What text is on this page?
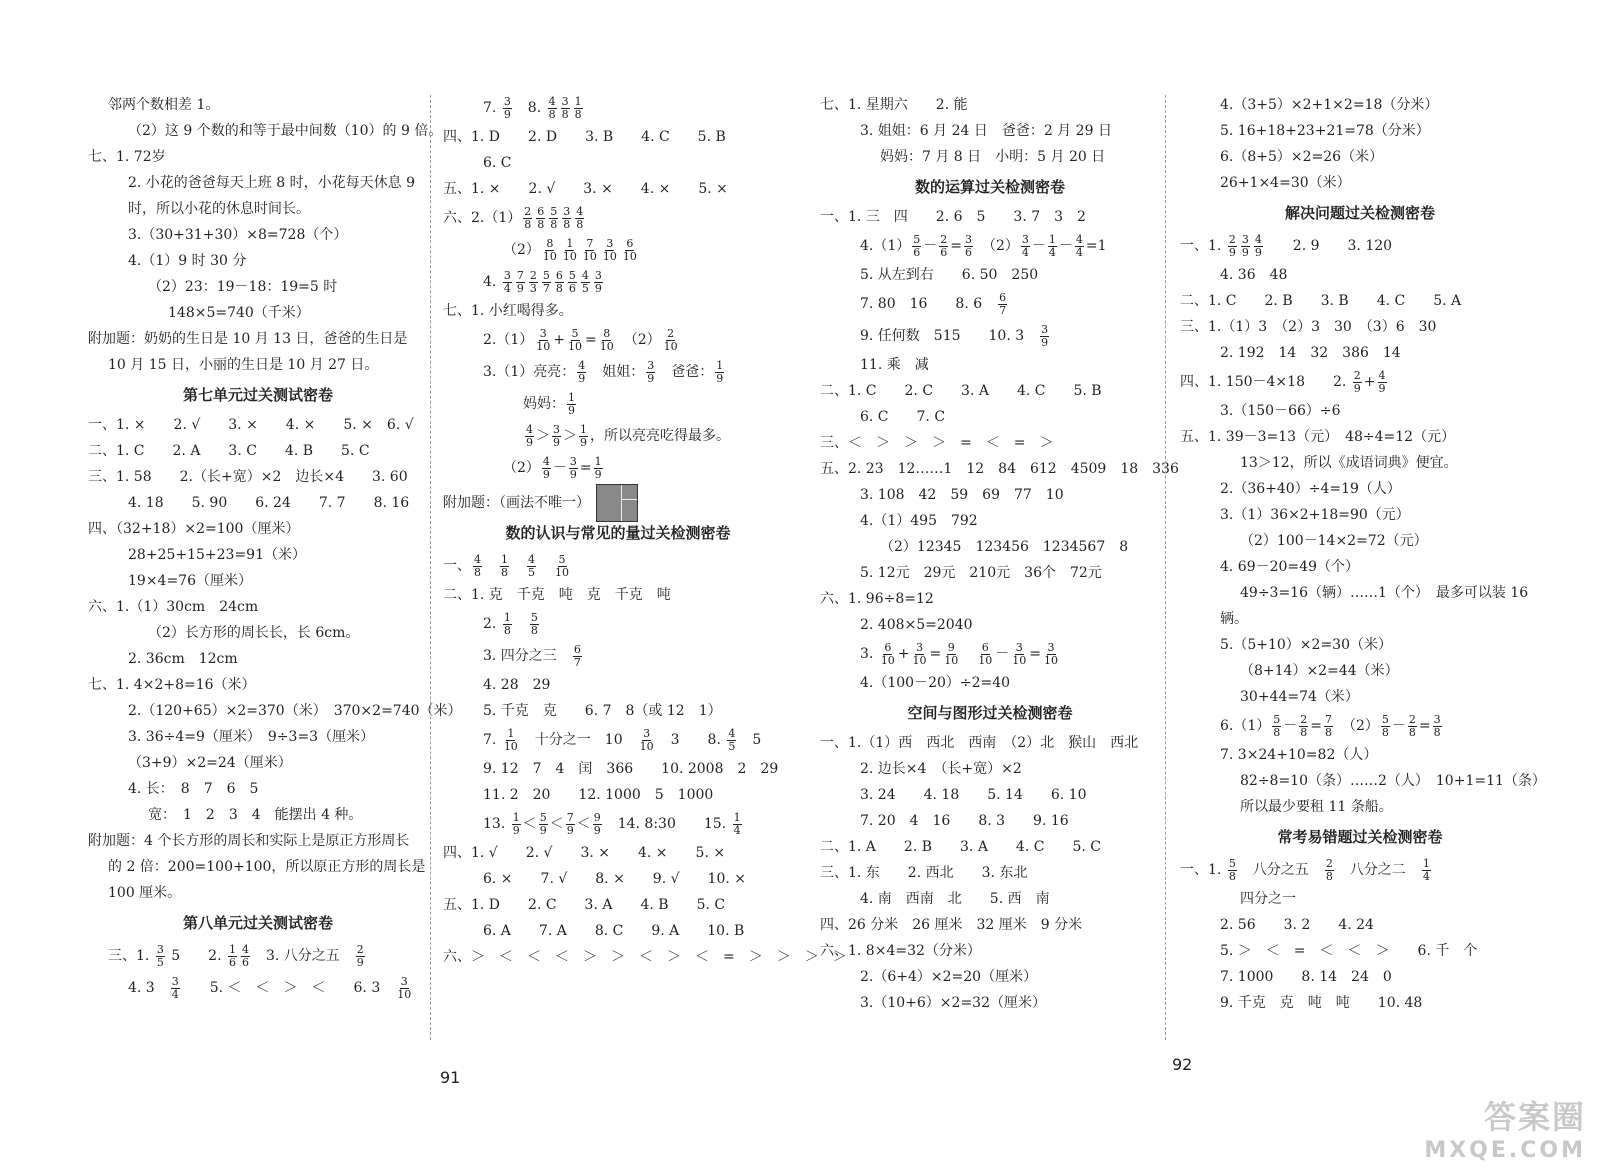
邻两个数相差 1。
（2）这 9 个数的和等于最中间数（10）的 9 倍。
七、1. 72岁
2. 小花的爸爸每天上班 8 时，小花每天休息 9
时，所以小花的休息时间长。
3.（30+31+30）×8=728（个）
4.（1）9 时 30 分
（2）23：19－18：19=5 时
148×5=740（千米）
附加题：奶奶的生日是 10 月 13 日，爸爸的生日是
10 月 15 日，小丽的生日是 10 月 27 日。
第七单元过关测试密卷
一、1. ×　　2. √　　3. ×　　4. ×　　5. ×　6. √
二、1. C　　2. A　　3. C　　4. B　　5. C
三、1. 58　　2.（长+宽）×2　边长×4　　3. 60
4. 18　　5. 90　　6. 24　　7. 7　　8. 16
四、（32+18）×2=100（厘米）
28+25+15+23=91（米）
19×4=76（厘米）
六、1.（1）30cm　24cm
（2）长方形的周长长，长 6cm。
2. 36cm　12cm
七、1. 4×2+8=16（米）
2.（120+65）×2=370（米）　370×2=740（米）
3. 36÷4=9（厘米）　9÷3=3（厘米）
（3+9）×2=24（厘米）
4. 长：　8　7　6　5
宽：　1　2　3　4　能摆出 4 种。
附加题：4 个长方形的周长和实际上是原正方形周长
的 2 倍：200=100+100，所以原正方形的周长是
100 厘米。
第八单元过关测试密卷
三、1. $\frac{3}{5} 5$　　2. $\frac{1}{6} \frac{4}{6}$ 　3. 八分之五　 $\frac{2}{9}$
4. 3　 $\frac{3}{4}$ 　　5. ＜　＜　＞　＜　　6. 3　 $\frac{3}{10}$
7. $\frac{3}{9}$ 　8. $\frac{4}{8} \frac{3}{8} \frac{1}{8}$
四、1. D　　2. D　　3. B　　4. C　　5. B
6. C
五、1. ×　　2. √　　3. ×　　4. ×　　5. ×
六、$2.(1) \frac{2}{8} \frac{6}{8} \frac{5}{8} \frac{3}{8} \frac{4}{8}$
$(2) \frac{8}{10} \frac{1}{10} \frac{7}{10} \frac{3}{10} \frac{6}{10}$
4. $\frac{3}{4} \frac{7}{9} \frac{2}{3} \frac{5}{7} \frac{6}{8} \frac{5}{6} \frac{4}{5} \frac{3}{9}$
七、1. 小红喝得多。
$2.(1) \frac{3}{10} + \frac{5}{10} = \frac{8}{10}$ 　$(2) \frac{2}{10}$
3.（1）亮亮： $\frac{4}{9}$ 　姐姐： $\frac{3}{9}$ 　爸爸： $\frac{1}{9}$
妈妈： $\frac{1}{9}$
$\frac{4}{9} > \frac{3}{9} > \frac{1}{9}$ ，所以亮亮吃得最多。
$(2) \frac{4}{9} - \frac{3}{9} = \frac{1}{9}$
附加题：（画法不唯一）
数的认识与常见的量过关检测密卷
一、 $\frac{4}{8}$
　 $\frac{1}{8}$
　 $\frac{4}{5}$
　 $\frac{5}{10}$
二、1. 克　千克　吨　克　千克　吨
2. $\frac{1}{8}$
　 $\frac{5}{8}$
3. 四分之三　 $\frac{6}{7}$
4. 28　29
5. 千克　克　　6. 7　8（或 12　1）
7. $\frac{1}{10}$ 　十分之一　10　 $\frac{3}{10}$ 　3　　8. $\frac{4}{5}$ 　5
9. 12　7　4　闰　366　　10. 2008　2　29
11. 2　20　　12. 1000　5　1000
13. $\frac{1}{9} < \frac{5}{9} < \frac{7}{9} < \frac{9}{9}$ 　14. 8:30　　15. $\frac{1}{4}$
四、1. √　　2. √　　3. ×　　4. ×　　5. ×
6. ×　　7. √　　8. ×　　9. √　　10. ×
五、1. D　　2. C　　3. A　　4. B　　5. C
6. A　　7. A　　8. C　　9. A　　10. B
六、＞　＜　＜　＜　＞　＞　＜　＞　＜　=　＞　＞　＞　＞
七、1. 星期六　　2. 能
3. 姐姐：6 月 24 日　爸爸：2 月 29 日
妈妈：7 月 8 日　小明：5 月 20 日
数的运算过关检测密卷
一、1. 三　四　　2. 6　5　　3. 7　3　2
$4.(1) \frac{5}{6} - \frac{2}{6} = \frac{3}{6}$ 　$(2) \frac{3}{4} - \frac{1}{4} - \frac{4}{4} =1$
5. 从左到右　　6. 50　250
7. 80　16　　8. 6　 $\frac{6}{7}$
9. 任何数　515　　10. 3　 $\frac{3}{9}$
11. 乘　减
二、1. C　　2. C　　3. A　　4. C　　5. B
6. C　　7. C
三、＜　＞　＞　＞　=　＜　=　＞
五、2. 23　12……1　12　84　612　4509　18　336
3. 108　42　59　69　77　10
4.（1）495　792
（2）12345　123456　1234567　8
5. 12元　29元　210元　36个　72元
六、1. 96÷8=12
2. 408×5=2040
3. $\frac{6}{10} + \frac{3}{10} = \frac{9}{10}$
　 $\frac{6}{10} - \frac{3}{10} = \frac{3}{10}$
4.（100－20）÷2=40
空间与图形过关检测密卷
一、1.（1）西　西北　西南　（2）北　猴山　西北
2. 边长×4　（长+宽）×2
3. 24　　4. 18　　5. 14　　6. 10
7. 20　4　16　　8. 3　　9. 16
二、1. A　　2. B　　3. A　　4. C　　5. C
三、1. 东　　2. 西北　　3. 东北
4. 南　西南　北　　5. 西　南
四、26 分米　26 厘米　32 厘米　9 分米
六、1. 8×4=32（分米）
2.（6+4）×2=20（厘米）
3.（10+6）×2=32（厘米）
4.（3+5）×2+1×2=18（分米）
5. 16+18+23+21=78（分米）
6.（8+5）×2=26（米）
26+1×4=30（米）
解决问题过关检测密卷
一、1. $\frac{2}{9} \frac{3}{9} \frac{4}{9}$ 　　2. 9　　3. 120
4. 36　48
二、1. C　　2. B　　3. B　　4. C　　5. A
三、1.（1）3　（2）3　30　（3）6　30
2. 192　14　32　386　14
四、1. 150－4×18　　2. $\frac{2}{9} + \frac{4}{9}$
3.（150－66）÷6
五、1. 39－3=13（元）　48÷4=12（元）
13＞12，所以《成语词典》便宜。
2.（36+40）÷4=19（人）
3.（1）36×2+18=90（元）
（2）100－14×2=72（元）
4. 69－20=49（个）
49÷3=16（辆）……1（个）　最多可以装 16
辆。
5.（5+10）×2=30（米）
（8+14）×2=44（米）
30+44=74（米）
$6.(1) \frac{5}{8} - \frac{2}{8} = \frac{7}{8}$ 　$(2) \frac{5}{8} - \frac{2}{8} = \frac{3}{8}$
7. 3×24+10=82（人）
82÷8=10（条）……2（人）　10+1=11（条）
所以最少要租 11 条船。
常考易错题过关检测密卷
一、1. $\frac{5}{8}$ 　八分之五　 $\frac{2}{8}$ 　八分之二　 $\frac{1}{4}$
四分之一
2. 56　　3. 2　　4. 24
5. ＞　＜　=　＜　＜　＞　　6. 千　个
7. 1000　　8. 14　24　0
9. 千克　克　吨　吨　　10. 48
91
92
答案圈
MXQE.COM
